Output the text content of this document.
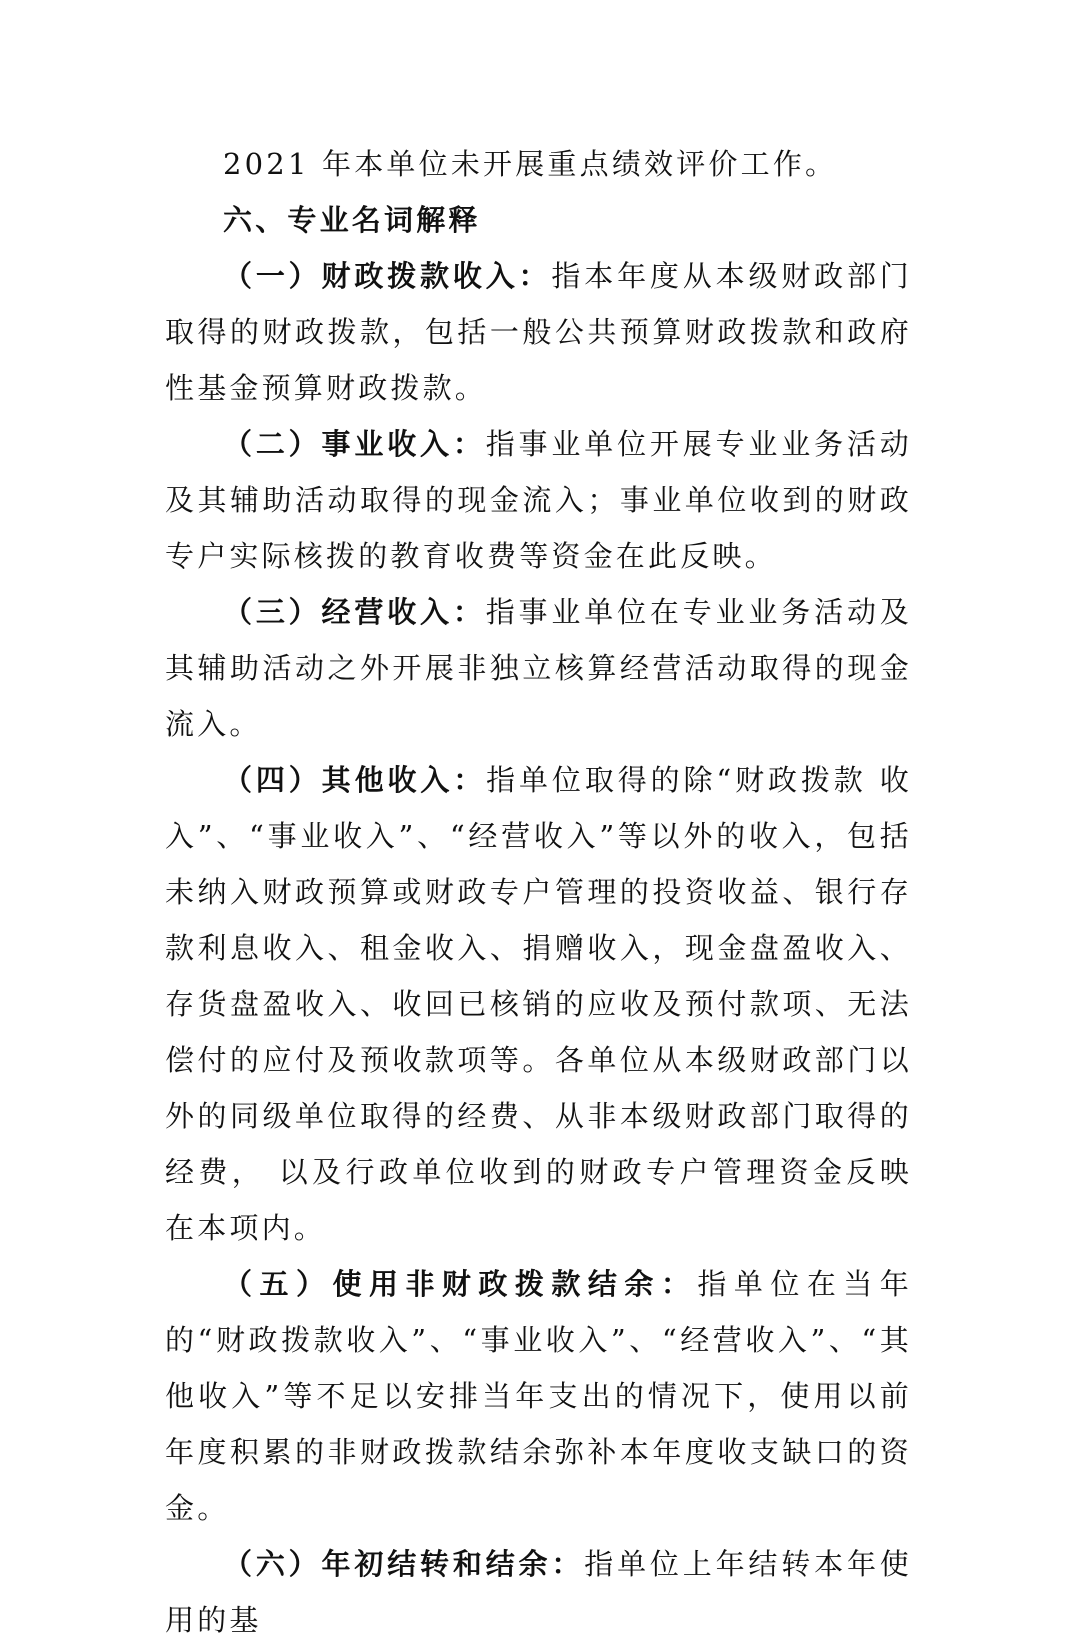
2021 年本单位未开展重点绩效评价工作。

六、专业名词解释

（一）财政拨款收入：指本年度从本级财政部门取得的财政拨款，包括一般公共预算财政拨款和政府性基金预算财政拨款。

（二）事业收入：指事业单位开展专业业务活动及其辅助活动取得的现金流入；事业单位收到的财政专户实际核拨的教育收费等资金在此反映。

（三）经营收入：指事业单位在专业业务活动及其辅助活动之外开展非独立核算经营活动取得的现金流入。

（四）其他收入：指单位取得的除“财政拨款 收入”、“事业收入”、“经营收入”等以外的收入，包括未纳入财政预算或财政专户管理的投资收益、银行存款利息收入、租金收入、捐赠收入，现金盘盈收入、 存货盘盈收入、收回已核销的应收及预付款项、无法偿付的应付及预收款项等。各单位从本级财政部门以外的同级单位取得的经费、从非本级财政部门取得的经费， 以及行政单位收到的财政专户管理资金反映在本项内。

（五）使用非财政拨款结余：指单位在当年的“财政拨款收入”、“事业收入”、“经营收入”、“其他收入”等不足以安排当年支出的情况下，使用以前年度积累的非财政拨款结余弥补本年度收支缺口的资金。

（六）年初结转和结余：指单位上年结转本年使用的基
